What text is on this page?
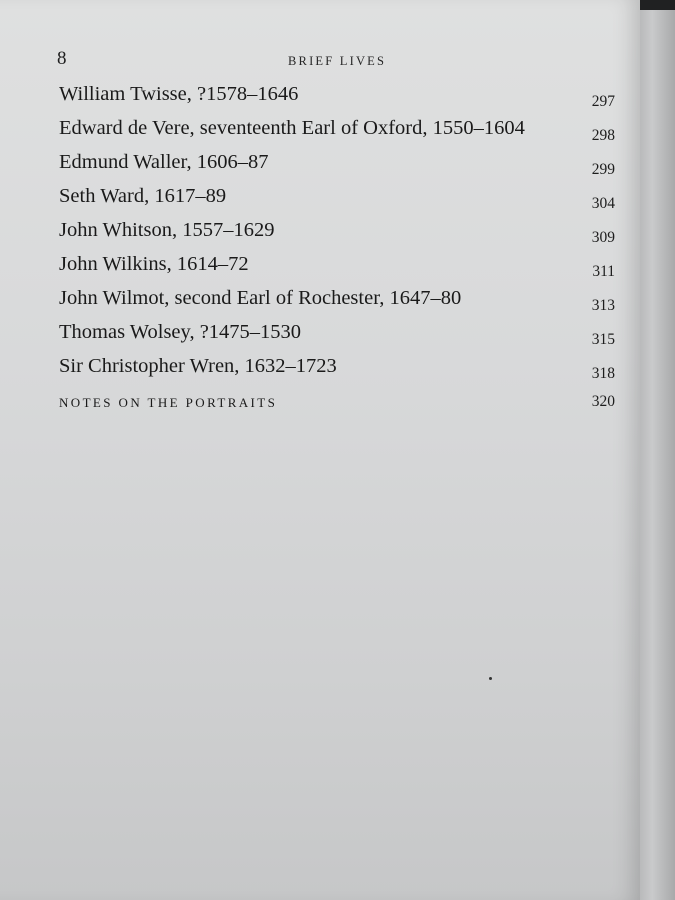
8	BRIEF LIVES
William Twisse, ?1578–1646	297
Edward de Vere, seventeenth Earl of Oxford, 1550–1604	298
Edmund Waller, 1606–87	299
Seth Ward, 1617–89	304
John Whitson, 1557–1629	309
John Wilkins, 1614–72	311
John Wilmot, second Earl of Rochester, 1647–80	313
Thomas Wolsey, ?1475–1530	315
Sir Christopher Wren, 1632–1723	318
NOTES ON THE PORTRAITS	320
